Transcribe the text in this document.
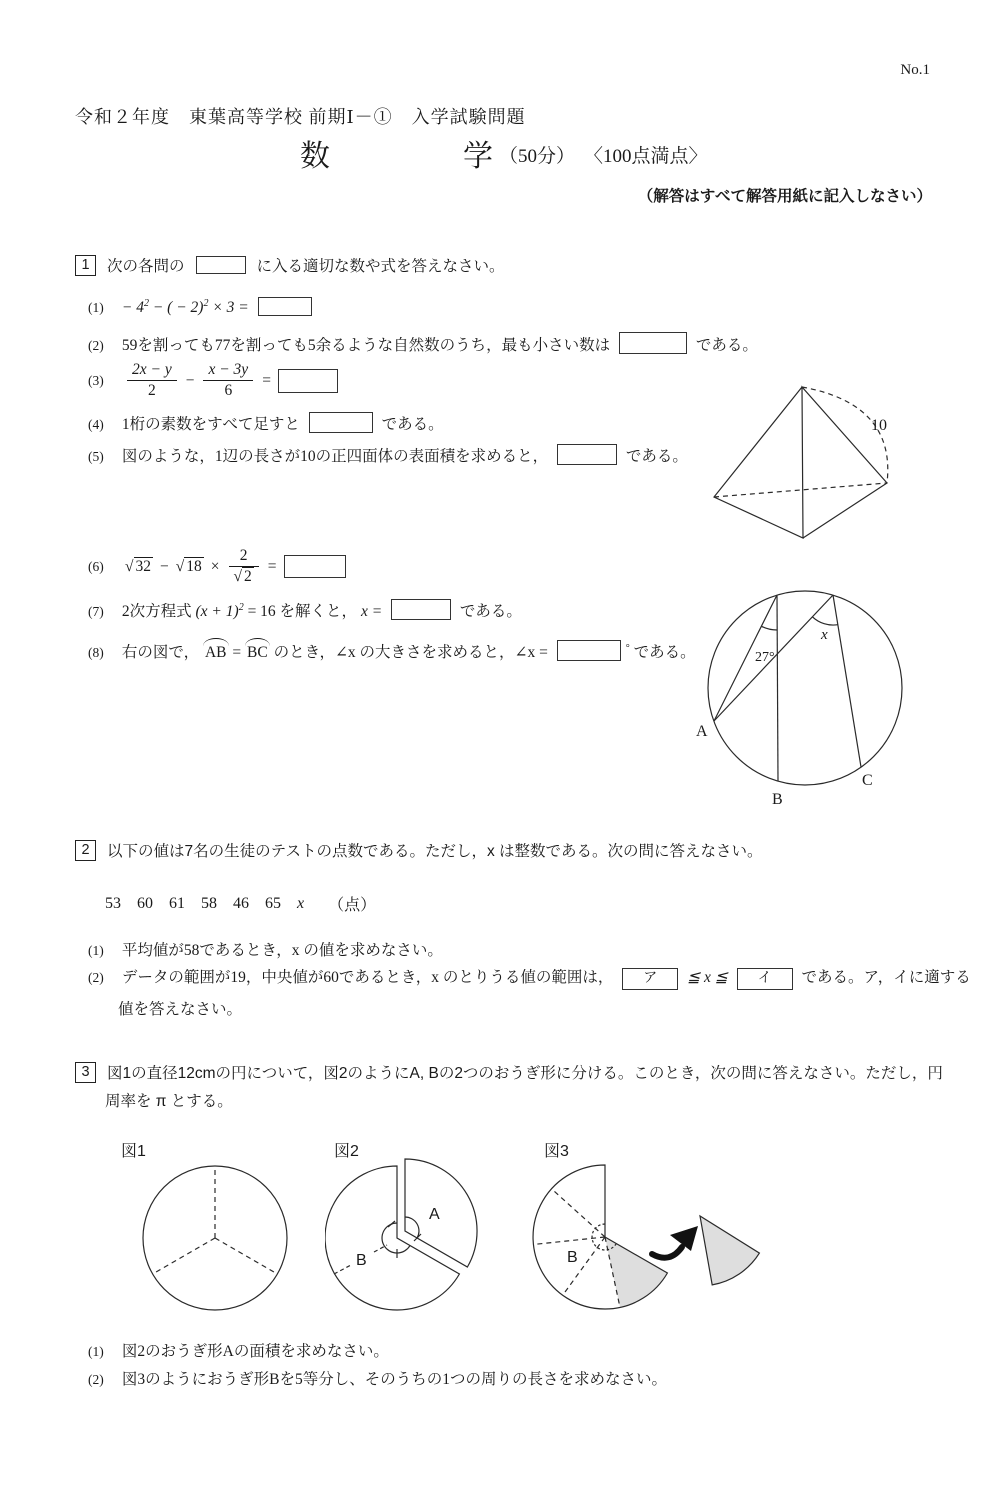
No.1
令和２年度　東葉高等学校 前期Ⅰ－①　入学試験問題
数	学 （50分） 〈100点満点〉
（解答はすべて解答用紙に記入しなさい）
1	次の各問の	に入る適切な数や式を答えなさい。
$(1) - 4^2$ − ( − 2)$^2$ × 3 =
(2) 59を割っても77を割っても5余るような自然数のうち，最も小さい数は	である。
(3)	$\frac{2x - y}{2} - \frac{x - 3y}{6}$ =
(4) 1桁の素数をすべて足すと	である。
(5) 図のような，1辺の長さが10の正四面体の表面積を求めると，	である。
(6)	√ 32 − √ $18 \times \frac{2}{√ 2}$ =
(7) 2次方程式 $(x + 1)^2 = 16$ を解くと， x =	である。
(8) 右の図で， AB = BC のとき，∠x の大きさを求めると，∠x =	° である。
10
27°
x
A
B
C
2	以下の値は7名の生徒のテストの点数である。ただし，x は整数である。次の問に答えなさい。
53 60 61 58 46 65 x （点）
(1) 平均値が58であるとき，x の値を求めなさい。
(2) データの範囲が19，中央値が60であるとき，x のとりうる値の範囲は， ア ≦ x ≦ イ である。ア，イに適する
値を答えなさい。
3	図1の直径12cmの円について，図2のようにA, Bの2つのおうぎ形に分ける。このとき，次の問に答えなさい。ただし，円
周率を π とする。
図1	図2	図3
A
B	B
(1) 図2のおうぎ形Aの面積を求めなさい。
(2) 図3のようにおうぎ形Bを5等分し、そのうちの1つの周りの長さを求めなさい。
